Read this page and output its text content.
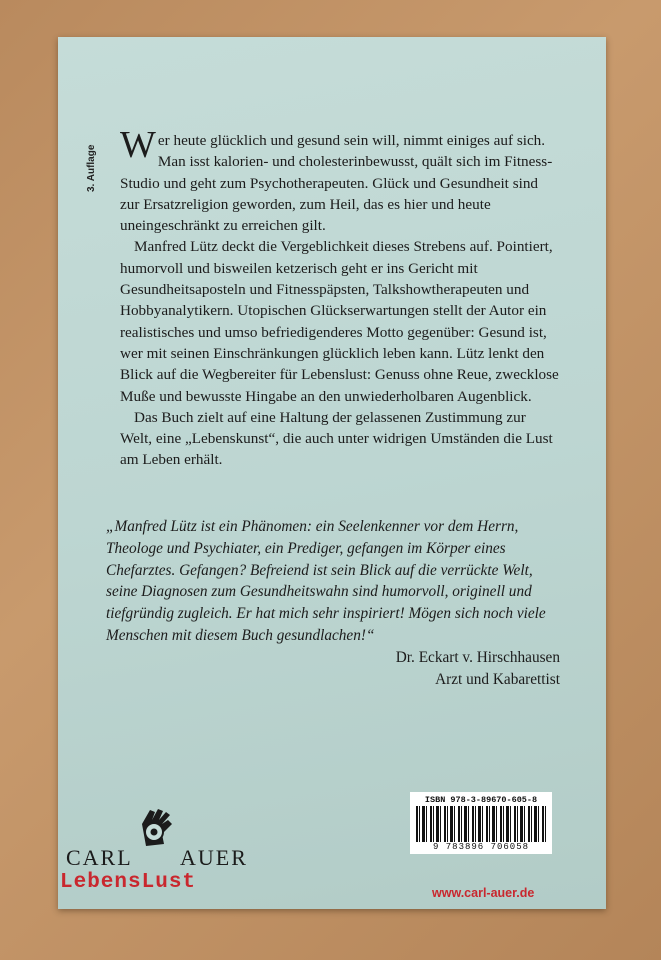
3. Auflage W er heute glücklich und gesund sein will, nimmt einiges auf sich. Man isst kalorien- und cholesterinbewusst, quält sich im Fitness-Studio und geht zum Psychotherapeuten. Glück und Gesundheit sind zur Ersatzreligion geworden, zum Heil, das es hier und heute uneingeschränkt zu erreichen gilt.

Manfred Lütz deckt die Vergeblichkeit dieses Strebens auf. Pointiert, humorvoll und bisweilen ketzerisch geht er ins Gericht mit Gesundheitsaposteln und Fitnesspäpsten, Talkshowtherapeuten und Hobbyanalytikern. Utopischen Glückserwartungen stellt der Autor ein realistisches und umso befriedigenderes Motto gegenüber: Gesund ist, wer mit seinen Einschränkungen glücklich leben kann. Lütz lenkt den Blick auf die Wegbereiter für Lebenslust: Genuss ohne Reue, zwecklose Muße und bewusste Hingabe an den unwiederholbaren Augenblick.

Das Buch zielt auf eine Haltung der gelassenen Zustimmung zur Welt, eine „Lebenskunst“, die auch unter widrigen Umständen die Lust am Leben erhält.

„Manfred Lütz ist ein Phänomen: ein Seelenkenner vor dem Herrn, Theologe und Psychiater, ein Prediger, gefangen im Körper eines Chefarztes. Gefangen? Befreiend ist sein Blick auf die verrückte Welt, seine Diagnosen zum Gesundheitswahn sind humorvoll, originell und tiefgründig zugleich. Er hat mich sehr inspiriert! Mögen sich noch viele Menschen mit diesem Buch gesundlachen!“
Dr. Eckart v. Hirschhausen
Arzt und Kabarettist
CARL AUER
LebensLust
ISBN 978-3-89670-605-8
9 783896 706058
www.carl-auer.de
